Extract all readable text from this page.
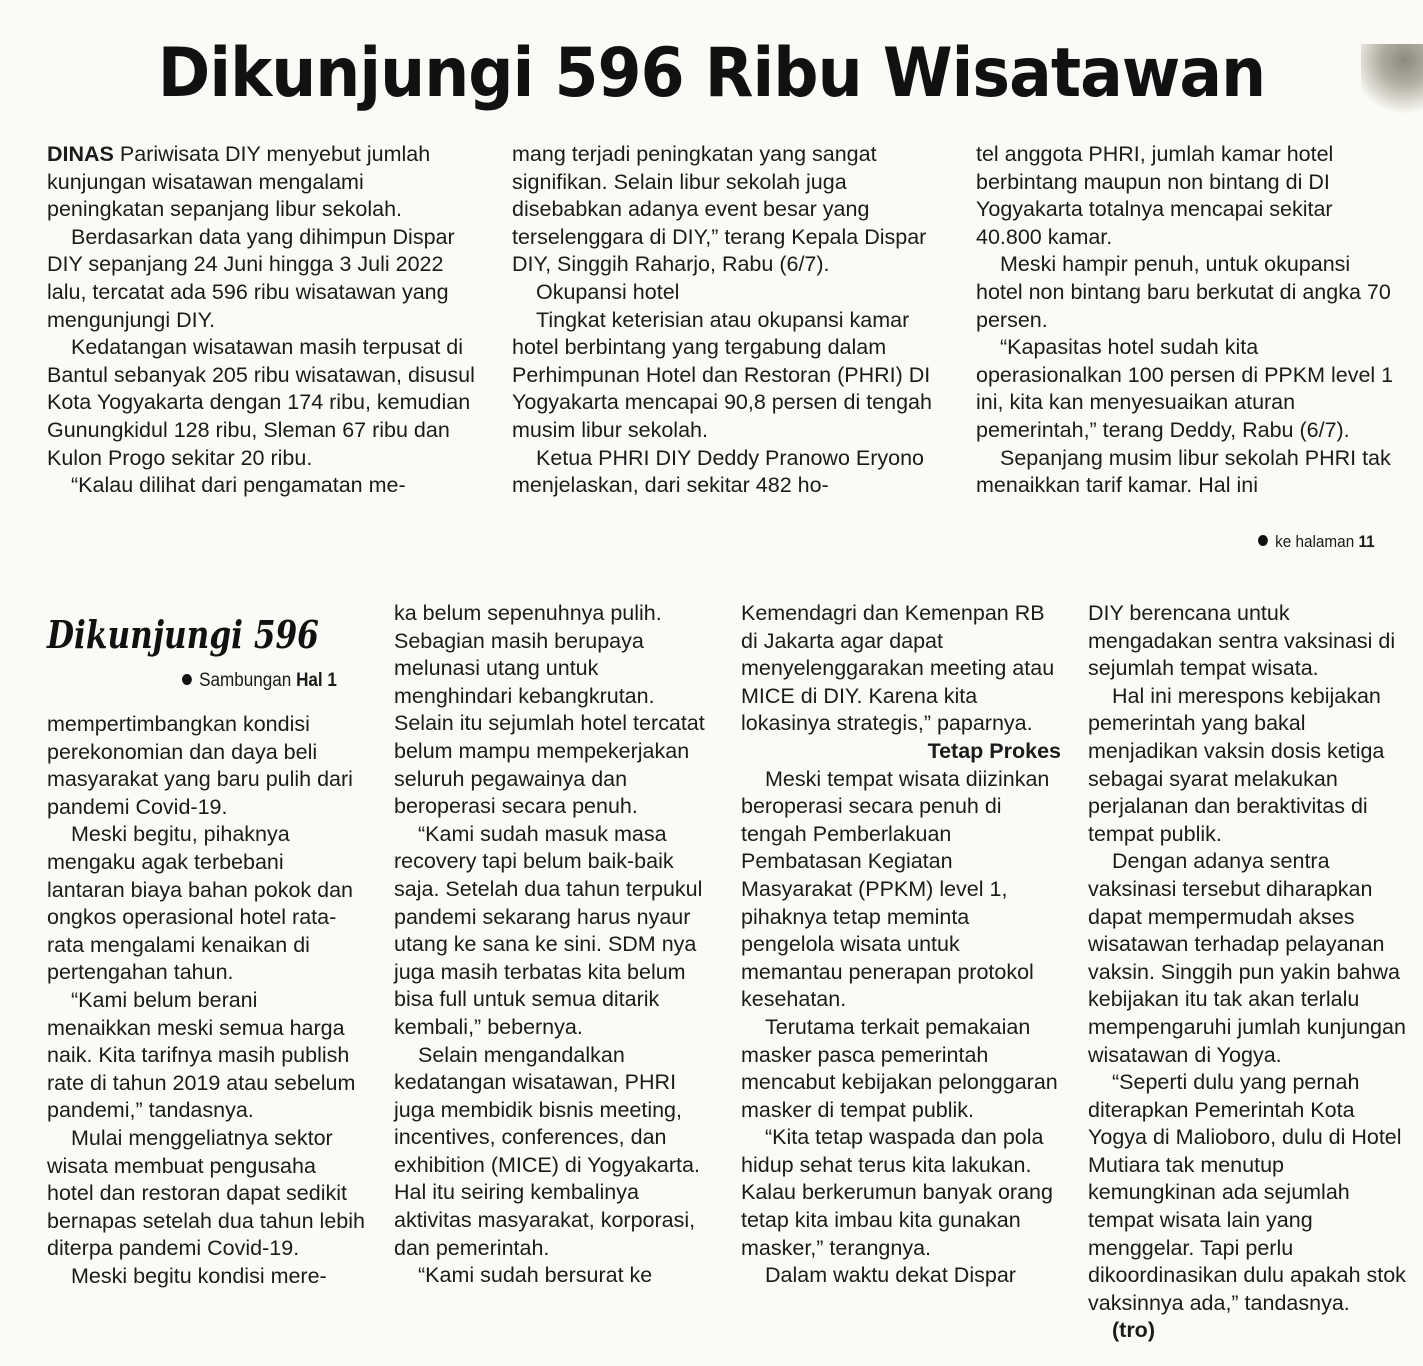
Dikunjungi 596 Ribu Wisatawan

DINAS Pariwisata DIY menyebut jumlah kunjungan wisatawan mengalami peningkatan sepanjang libur sekolah.

Berdasarkan data yang dihimpun Dispar DIY sepanjang 24 Juni hingga 3 Juli 2022 lalu, tercatat ada 596 ribu wisatawan yang mengunjungi DIY.

Kedatangan wisatawan masih terpusat di Bantul sebanyak 205 ribu wisatawan, disusul Kota Yogyakarta dengan 174 ribu, kemudian Gunungkidul 128 ribu, Sleman 67 ribu dan Kulon Progo sekitar 20 ribu.

“Kalau dilihat dari pengamatan me-

mang terjadi peningkatan yang sangat signifikan. Selain libur sekolah juga disebabkan adanya event besar yang terselenggara di DIY,” terang Kepala Dispar DIY, Singgih Raharjo, Rabu (6/7).

Okupansi hotel

Tingkat keterisian atau okupansi kamar hotel berbintang yang tergabung dalam Perhimpunan Hotel dan Restoran (PHRI) DI Yogyakarta mencapai 90,8 persen di tengah musim libur sekolah.

Ketua PHRI DIY Deddy Pranowo Eryono menjelaskan, dari sekitar 482 ho-

tel anggota PHRI, jumlah kamar hotel berbintang maupun non bintang di DI Yogyakarta totalnya mencapai sekitar 40.800 kamar.

Meski hampir penuh, untuk okupansi hotel non bintang baru berkutat di angka 70 persen.

“Kapasitas hotel sudah kita operasionalkan 100 persen di PPKM level 1 ini, kita kan menyesuaikan aturan pemerintah,” terang Deddy, Rabu (6/7).

Sepanjang musim libur sekolah PHRI tak menaikkan tarif kamar. Hal ini

ke halaman 11
Dikunjungi 596
Sambungan Hal 1

mempertimbangkan kondisi perekonomian dan daya beli masyarakat yang baru pulih dari pandemi Covid-19.

Meski begitu, pihaknya mengaku agak terbebani lantaran biaya bahan pokok dan ongkos operasional hotel rata-rata mengalami kenaikan di pertengahan tahun.

“Kami belum berani menaikkan meski semua harga naik. Kita tarifnya masih publish rate di tahun 2019 atau sebelum pandemi,” tandasnya.

Mulai menggeliatnya sektor wisata membuat pengusaha hotel dan restoran dapat sedikit bernapas setelah dua tahun lebih diterpa pandemi Covid-19.

Meski begitu kondisi mere-

ka belum sepenuhnya pulih. Sebagian masih berupaya melunasi utang untuk menghindari kebangkrutan. Selain itu sejumlah hotel tercatat belum mampu mempekerjakan seluruh pegawainya dan beroperasi secara penuh.

“Kami sudah masuk masa recovery tapi belum baik-baik saja. Setelah dua tahun terpukul pandemi sekarang harus nyaur utang ke sana ke sini. SDM nya juga masih terbatas kita belum bisa full untuk semua ditarik kembali,” bebernya.

Selain mengandalkan kedatangan wisatawan, PHRI juga membidik bisnis meeting, incentives, conferences, dan exhibition (MICE) di Yogyakarta. Hal itu seiring kembalinya aktivitas masyarakat, korporasi, dan pemerintah.

“Kami sudah bersurat ke

Kemendagri dan Kemenpan RB di Jakarta agar dapat menyelenggarakan meeting atau MICE di DIY. Karena kita lokasinya strategis,” paparnya.

Tetap Prokes

Meski tempat wisata diizinkan beroperasi secara penuh di tengah Pemberlakuan Pembatasan Kegiatan Masyarakat (PPKM) level 1, pihaknya tetap meminta pengelola wisata untuk memantau penerapan protokol kesehatan.

Terutama terkait pemakaian masker pasca pemerintah mencabut kebijakan pelonggaran masker di tempat publik.

“Kita tetap waspada dan pola hidup sehat terus kita lakukan. Kalau berkerumun banyak orang tetap kita imbau kita gunakan masker,” terangnya.

Dalam waktu dekat Dispar

DIY berencana untuk mengadakan sentra vaksinasi di sejumlah tempat wisata.

Hal ini merespons kebijakan pemerintah yang bakal menjadikan vaksin dosis ketiga sebagai syarat melakukan perjalanan dan beraktivitas di tempat publik.

Dengan adanya sentra vaksinasi tersebut diharapkan dapat mempermudah akses wisatawan terhadap pelayanan vaksin. Singgih pun yakin bahwa kebijakan itu tak akan terlalu mempengaruhi jumlah kunjungan wisatawan di Yogya.

“Seperti dulu yang pernah diterapkan Pemerintah Kota Yogya di Malioboro, dulu di Hotel Mutiara tak menutup kemungkinan ada sejumlah tempat wisata lain yang menggelar. Tapi perlu dikoordinasikan dulu apakah stok vaksinnya ada,” tandasnya.

(tro)
